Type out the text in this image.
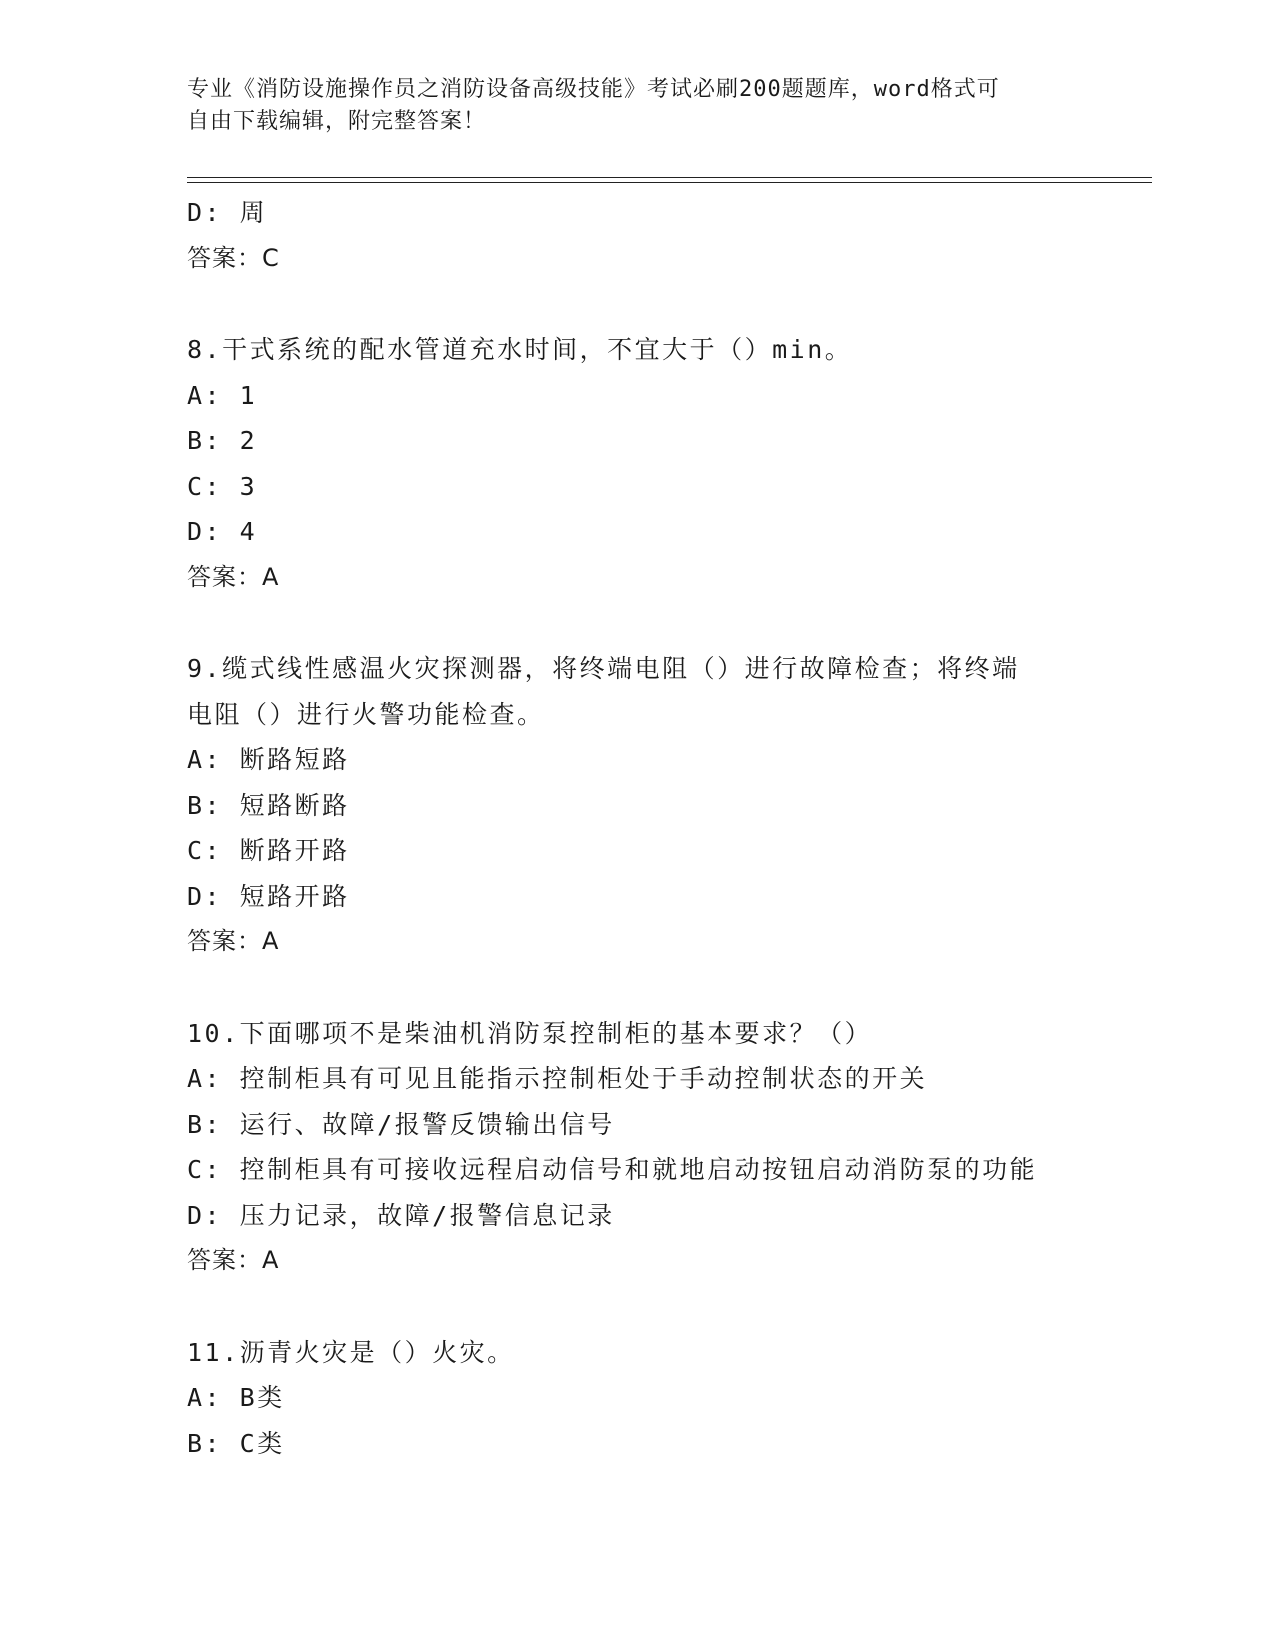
专业《消防设施操作员之消防设备高级技能》考试必刷200题题库，word格式可
自由下载编辑，附完整答案！
D: 周
答案：C
8.干式系统的配水管道充水时间，不宜大于（）min。
A: 1
B: 2
C: 3
D: 4
答案：A
9.缆式线性感温火灾探测器，将终端电阻（）进行故障检查；将终端
电阻（）进行火警功能检查。
A: 断路短路
B: 短路断路
C: 断路开路
D: 短路开路
答案：A
10.下面哪项不是柴油机消防泵控制柜的基本要求？（）
A: 控制柜具有可见且能指示控制柜处于手动控制状态的开关
B: 运行、故障/报警反馈输出信号
C: 控制柜具有可接收远程启动信号和就地启动按钮启动消防泵的功能
D: 压力记录，故障/报警信息记录
答案：A
11.沥青火灾是（）火灾。
A: B类
B: C类
